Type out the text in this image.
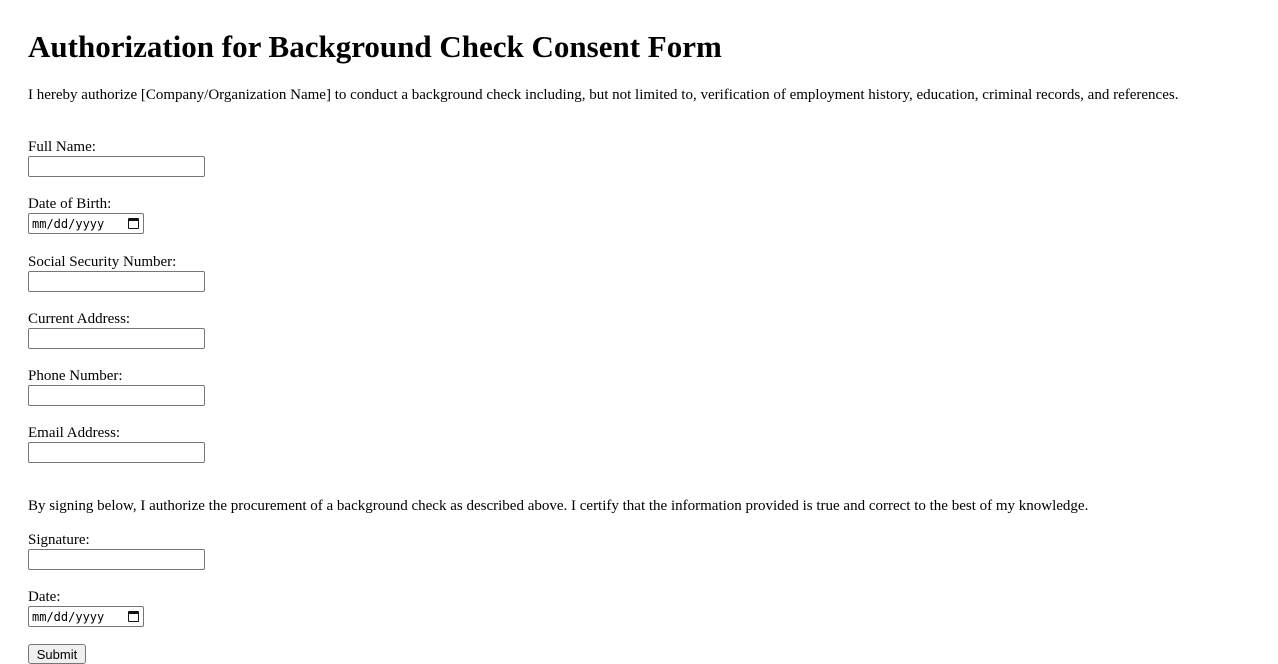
Authorization for Background Check Consent Form

I hereby authorize [Company/Organization Name] to conduct a background check including, but not limited to, verification of employment history, education, criminal records, and references.

Full Name:
Date of Birth:
mm/dd/yyyy
Social Security Number:
Current Address:
Phone Number:
Email Address:

By signing below, I authorize the procurement of a background check as described above. I certify that the information provided is true and correct to the best of my knowledge.

Signature:
Date:
mm/dd/yyyy
Submit
